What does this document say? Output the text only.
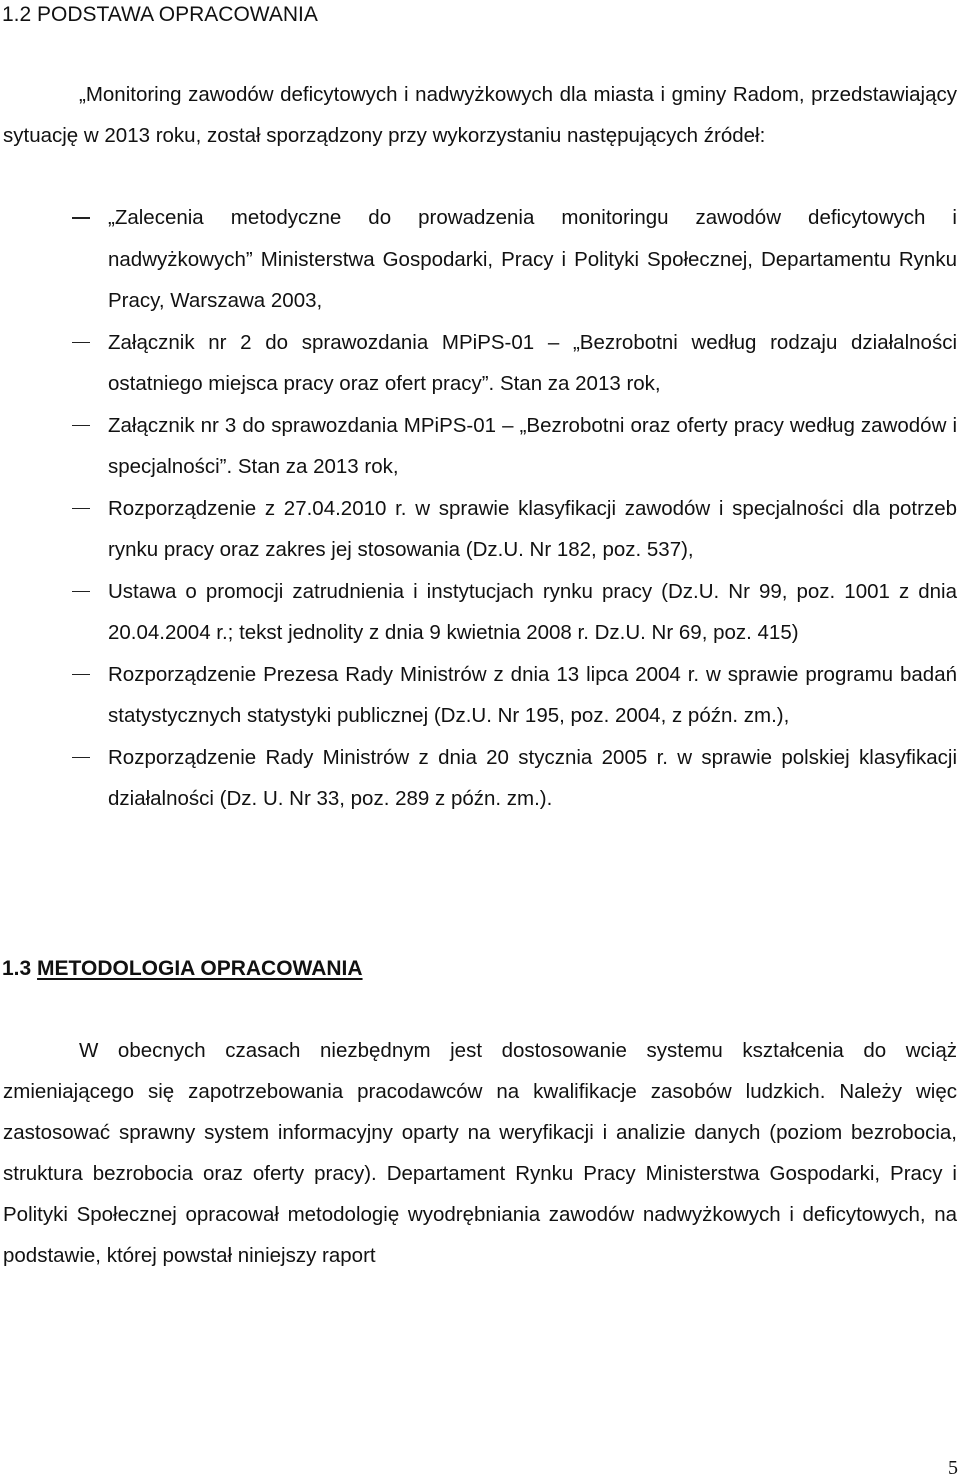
1.2 PODSTAWA OPRACOWANIA

„Monitoring zawodów deficytowych i nadwyżkowych dla miasta i gminy Radom, przedstawiający sytuację w 2013 roku, został sporządzony przy wykorzystaniu następujących źródeł:

„Zalecenia metodyczne do prowadzenia monitoringu zawodów deficytowych i nadwyżkowych” Ministerstwa Gospodarki, Pracy i Polityki Społecznej, Departamentu Rynku Pracy, Warszawa 2003,
Załącznik nr 2 do sprawozdania MPiPS-01 – „Bezrobotni według rodzaju działalności ostatniego miejsca pracy oraz ofert pracy”. Stan za 2013 rok,
Załącznik nr 3 do sprawozdania MPiPS-01 – „Bezrobotni oraz oferty pracy według zawodów i specjalności”. Stan za 2013 rok,
Rozporządzenie z 27.04.2010 r. w sprawie klasyfikacji zawodów i specjalności dla potrzeb rynku pracy oraz zakres jej stosowania (Dz.U. Nr 182, poz. 537),
Ustawa o promocji zatrudnienia i instytucjach rynku pracy (Dz.U. Nr 99, poz. 1001 z dnia 20.04.2004 r.; tekst jednolity z dnia 9 kwietnia 2008 r. Dz.U. Nr 69, poz. 415)
Rozporządzenie Prezesa Rady Ministrów z dnia 13 lipca 2004 r. w sprawie programu badań statystycznych statystyki publicznej (Dz.U. Nr 195, poz. 2004, z późn. zm.),
Rozporządzenie Rady Ministrów z dnia 20 stycznia 2005 r. w sprawie polskiej klasyfikacji działalności (Dz. U. Nr 33, poz. 289 z późn. zm.).
1.3 METODOLOGIA OPRACOWANIA

W obecnych czasach niezbędnym jest dostosowanie systemu kształcenia do wciąż zmieniającego się zapotrzebowania pracodawców na kwalifikacje zasobów ludzkich. Należy więc zastosować sprawny system informacyjny oparty na weryfikacji i analizie danych (poziom bezrobocia, struktura bezrobocia oraz oferty pracy). Departament Rynku Pracy Ministerstwa Gospodarki, Pracy i Polityki Społecznej opracował metodologię wyodrębniania zawodów nadwyżkowych i deficytowych, na podstawie, której powstał niniejszy raport

5
